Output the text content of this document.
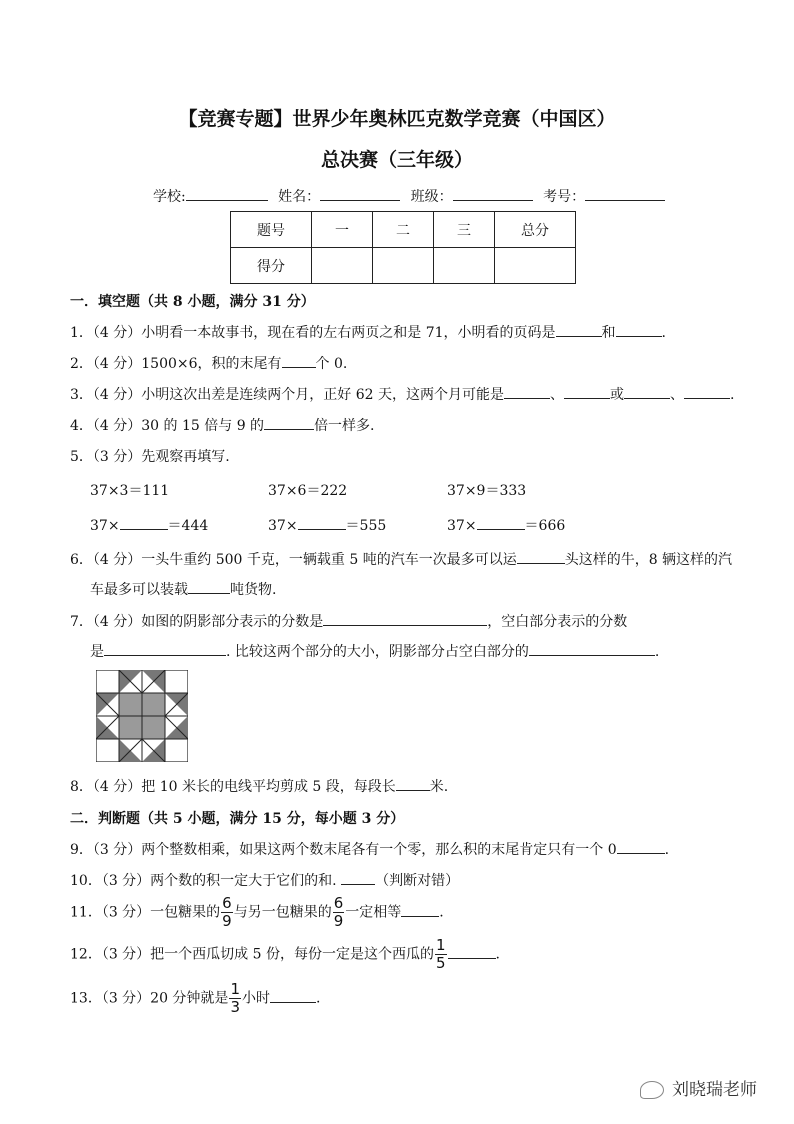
【竞赛专题】世界少年奥林匹克数学竞赛（中国区）
总决赛（三年级）
学校:	姓名：	班级：	考号：
题号	一	二	三	总分
得分				
一．填空题（共 8 小题，满分 31 分）
1．（4 分）小明看一本故事书，现在看的左右两页之和是 71，小明看的页码是	和	.
2．（4 分）1500×6，积的末尾有 个 0.
3．（4 分）小明这次出差是连续两个月，正好 62 天，这两个月可能是	、	或	、	.
4．（4 分）30 的 15 倍与 9 的	倍一样多.
5．（3 分）先观察再填写.
37×3＝111	37×6＝222	37×9＝333
37×	＝444	37×	＝555	37×	＝666
6．（4 分）一头牛重约 500 千克，一辆载重 5 吨的汽车一次最多可以运	头这样的牛，8 辆这样的汽
车最多可以装载	吨货物.
7．（4 分）如图的阴影部分表示的分数是	，空白部分表示的分数
是	. 比较这两个部分的大小，阴影部分占空白部分的	.
8．（4 分）把 10 米长的电线平均剪成 5 段，每段长 米.
二．判断题（共 5 小题，满分 15 分，每小题 3 分）
9．（3 分）两个整数相乘，如果这两个数末尾各有一个零，那么积的末尾肯定只有一个 0	.
10．（3 分）两个数的积一定大于它们的和.	（判断对错）
11．（3 分）一包糖果的 $\frac{6}{9}$ 与另一包糖果的 $\frac{6}{9}$ 一定相等	.
12．（3 分）把一个西瓜切成 5 份，每份一定是这个西瓜的 $\frac{1}{5}$	.
13．（3 分）20 分钟就是 $\frac{1}{3}$ 小时	.
刘晓瑞老师
